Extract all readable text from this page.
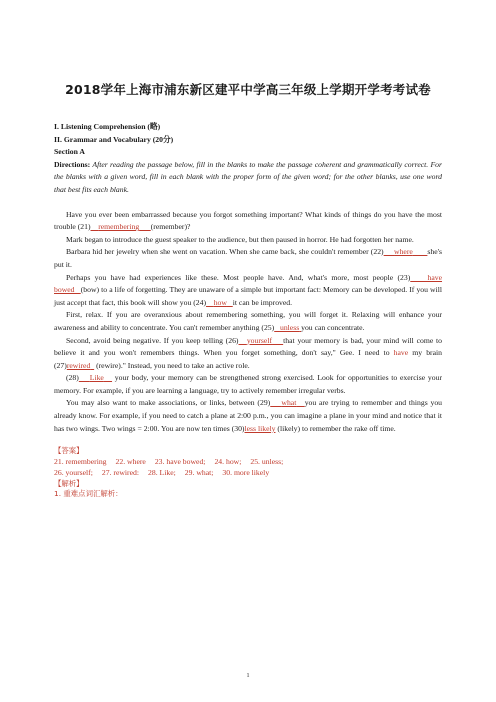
2018学年上海市浦东新区建平中学高三年级上学期开学考考试卷

I. Listening Comprehension (略)

II. Grammar and Vocabulary (20分)

Section A

Directions: After reading the passage below, fill in the blanks to make the passage coherent and grammatically correct. For the blanks with a given word, fill in each blank with the proper form of the given word; for the other blanks, use one word that best fits each blank.

Have you ever been embarrassed because you forgot something important? What kinds of things do you have the most trouble (21) remembering (remember)?

Mark began to introduce the guest speaker to the audience, but then paused in horror. He had forgotten her name.

Barbara hid her jewelry when she went on vacation. When she came back, she couldn't remember (22) where she's put it.

Perhaps you have had experiences like these. Most people have. And, what's more, most people (23) have bowed (bow) to a life of forgetting. They are unaware of a simple but important fact: Memory can be developed. If you will just accept that fact, this book will show you (24) how it can be improved.

First, relax. If you are overanxious about remembering something, you will forget it. Relaxing will enhance your awareness and ability to concentrate. You can't remember anything (25) unless you can concentrate.

Second, avoid being negative. If you keep telling (26) yourself that your memory is bad, your mind will come to believe it and you won't remembers things. When you forget something, don't say," Gee. I need to have my brain (27)rewired (rewire)." Instead, you need to take an active role.

(28) Like your body, your memory can be strengthened strong exercised. Look for opportunities to exercise your memory. For example, if you are learning a language, try to actively remember irregular verbs.

You may also want to make associations, or links, between (29) what you are trying to remember and things you already know. For example, if you need to catch a plane at 2:00 p.m., you can imagine a plane in your mind and notice that it has two wings. Two wings = 2:00. You are now ten times (30)less likely (likely) to remember the rake off time.

【答案】
21. remembering 22. where 23. have bowed; 24. how; 25. unless;
26. yourself; 27. rewired: 28. Like; 29. what; 30. more likely
【解析】
1. 重难点词汇解析：
1
